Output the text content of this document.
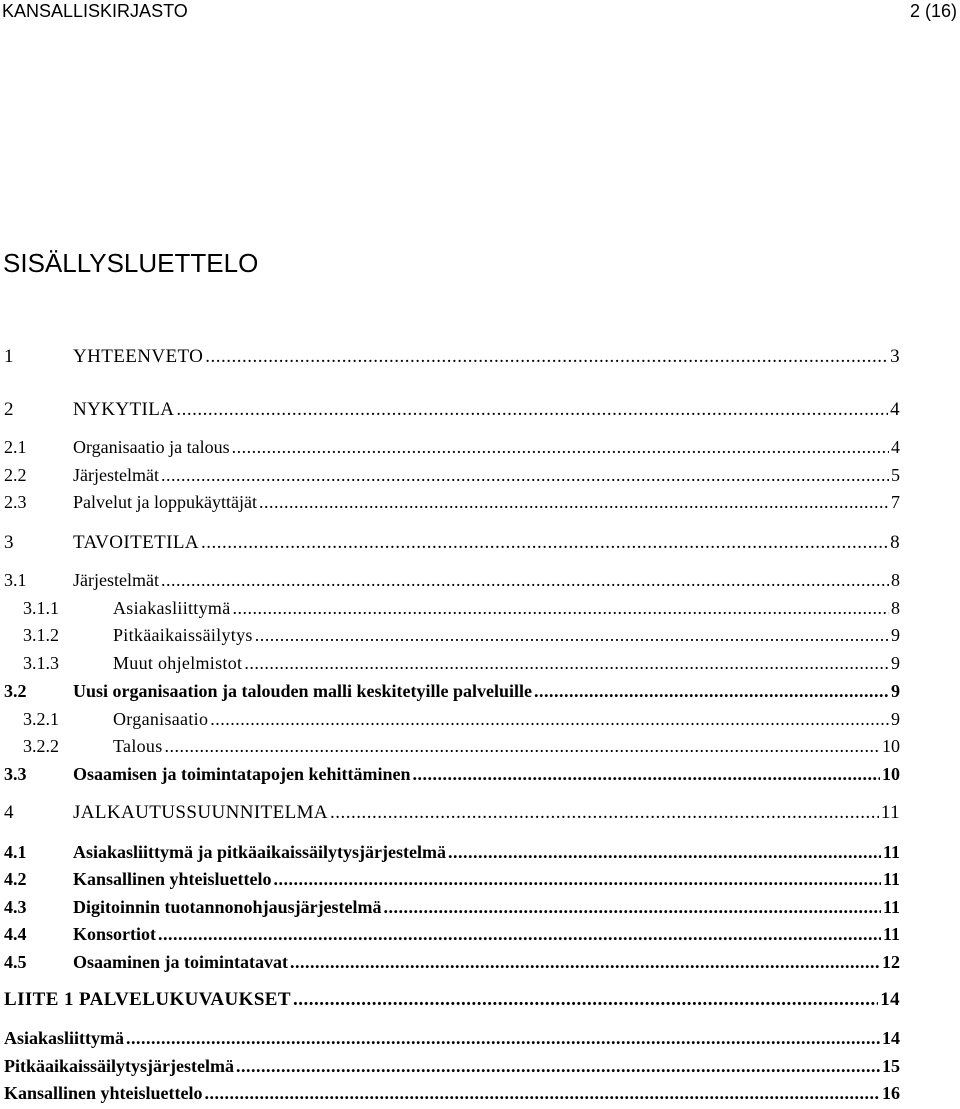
KANSALLISKIRJASTO	2 (16)
SISÄLLYSLUETTELO
1	YHTEENVETO .....	3
2	NYKYTILA .....	4
2.1	Organisaatio ja talous .....	4
2.2	Järjestelmät .....	5
2.3	Palvelut ja loppukäyttäjät .....	7
3	TAVOITETILA .....	8
3.1	Järjestelmät .....	8
3.1.1	Asiakasliittymä .....	8
3.1.2	Pitkäaikaissäilytys .....	9
3.1.3	Muut ohjelmistot .....	9
3.2	Uusi organisaation ja talouden malli keskitetyille palveluille .....	9
3.2.1	Organisaatio .....	9
3.2.2	Talous .....	10
3.3	Osaamisen ja toimintatapojen kehittäminen .....	10
4	JALKAUTUSSUUNNITELMA .....	11
4.1	Asiakasliittymä ja pitkäaikaissäilytysjärjestelmä .....	11
4.2	Kansallinen yhteisluettelo .....	11
4.3	Digitoinnin tuotannonohjausjärjestelmä .....	11
4.4	Konsortiot .....	11
4.5	Osaaminen ja toimintatavat .....	12
LIITE 1 PALVELUKUVAUKSET .....	14
Asiakasliittymä .....	14
Pitkäaikaissäilytysjärjestelmä .....	15
Kansallinen yhteisluettelo .....	16
